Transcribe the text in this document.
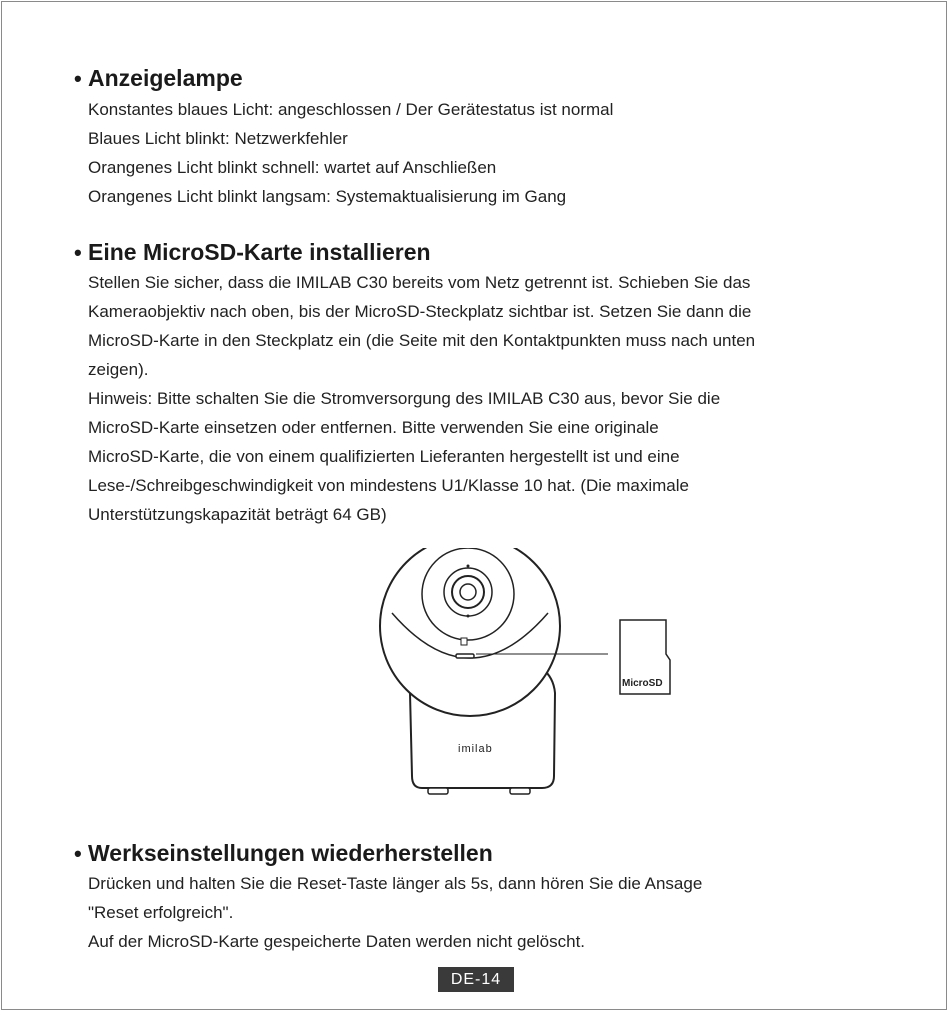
• Anzeigelampe

Konstantes blaues Licht: angeschlossen / Der Gerätestatus ist normal

Blaues Licht blinkt: Netzwerkfehler

Orangenes Licht blinkt schnell: wartet auf Anschließen

Orangenes Licht blinkt langsam: Systemaktualisierung im Gang

• Eine MicroSD-Karte installieren

Stellen Sie sicher, dass die IMILAB C30 bereits vom Netz getrennt ist. Schieben Sie das

Kameraobjektiv nach oben, bis der MicroSD-Steckplatz sichtbar ist. Setzen Sie dann die

MicroSD-Karte in den Steckplatz ein (die Seite mit den Kontaktpunkten muss nach unten

zeigen).

Hinweis: Bitte schalten Sie die Stromversorgung des IMILAB C30 aus, bevor Sie die

MicroSD-Karte einsetzen oder entfernen. Bitte verwenden Sie eine originale

MicroSD-Karte, die von einem qualifizierten Lieferanten hergestellt ist und eine

Lese-/Schreibgeschwindigkeit von mindestens U1/Klasse 10 hat. (Die maximale

Unterstützungskapazität beträgt 64 GB)

imilab
MicroSD
• Werkseinstellungen wiederherstellen

Drücken und halten Sie die Reset-Taste länger als 5s, dann hören Sie die Ansage

"Reset erfolgreich".

Auf der MicroSD-Karte gespeicherte Daten werden nicht gelöscht.

DE-14
